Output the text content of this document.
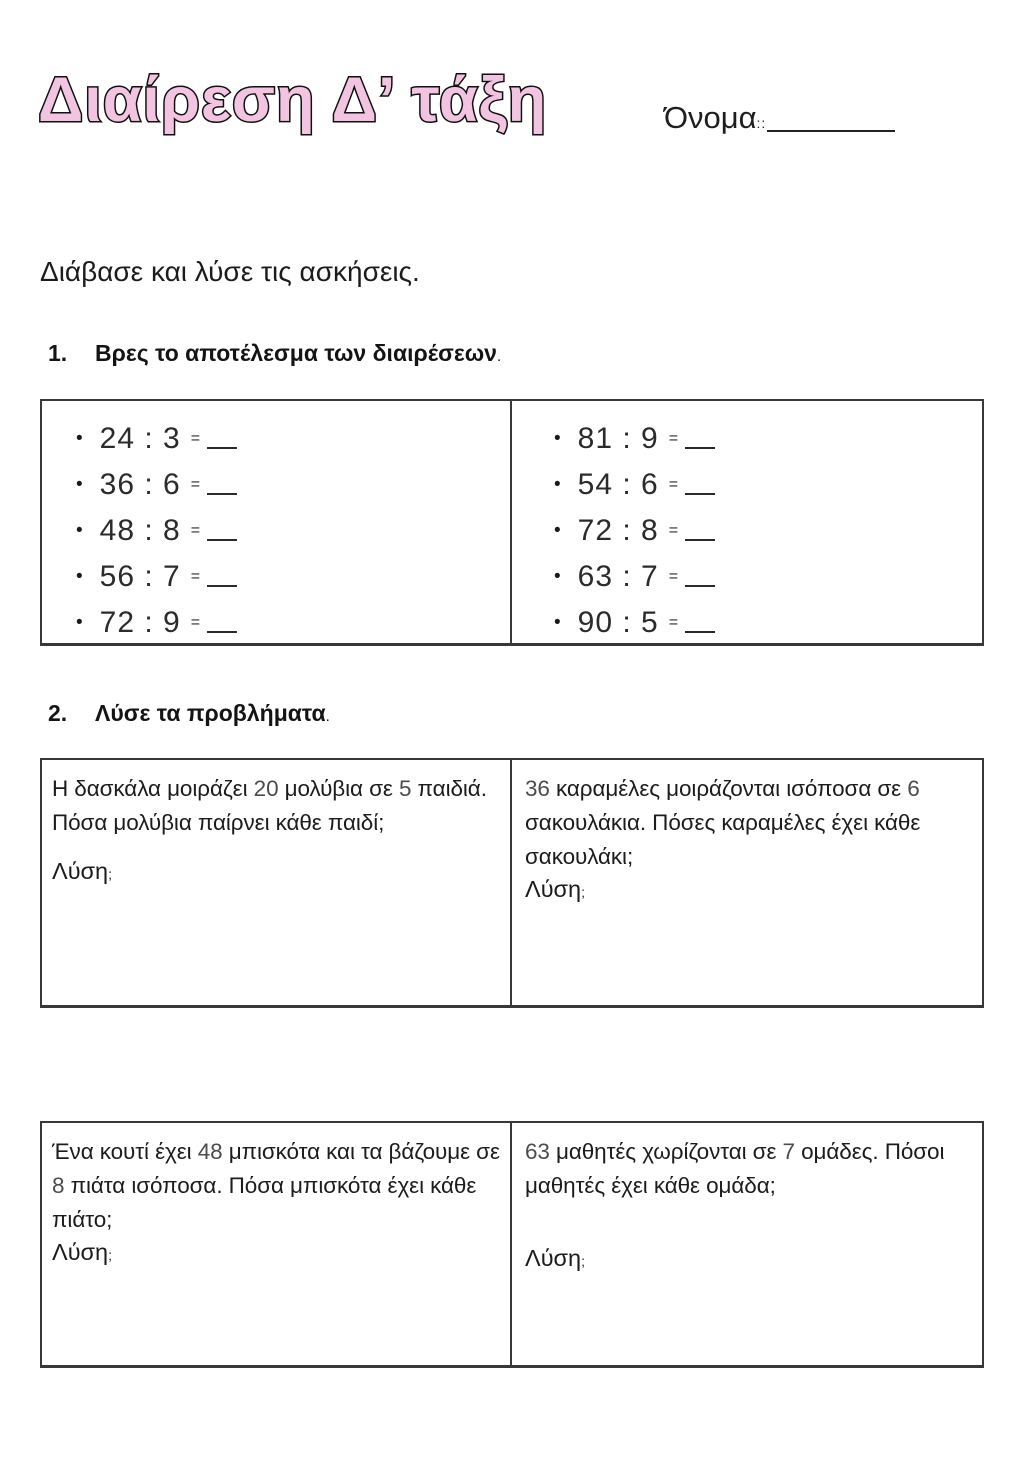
Διαίρεση Δ’ τάξη	Όνομα::
Διάβασε και λύσε τις ασκήσεις.
1.	Βρες το αποτέλεσμα των διαιρέσεων.
• 24 : 3 =
• 36 : 6 =
• 48 : 8 =
• 56 : 7 =
• 72 : 9 =
• 81 : 9 =
• 54 : 6 =
• 72 : 8 =
• 63 : 7 =
• 90 : 5 =
2.	Λύσε τα προβλήματα.
Η δασκάλα μοιράζει 20 μολύβια σε 5 παιδιά. Πόσα μολύβια παίρνει κάθε παιδί;
Λύση;
36 καραμέλες μοιράζονται ισόποσα σε 6 σακουλάκια. Πόσες καραμέλες έχει κάθε σακουλάκι;
Λύση;
Ένα κουτί έχει 48 μπισκότα και τα βάζουμε σε 8 πιάτα ισόποσα. Πόσα μπισκότα έχει κάθε πιάτο;
Λύση;
63 μαθητές χωρίζονται σε 7 ομάδες. Πόσοι μαθητές έχει κάθε ομάδα;
Λύση;
